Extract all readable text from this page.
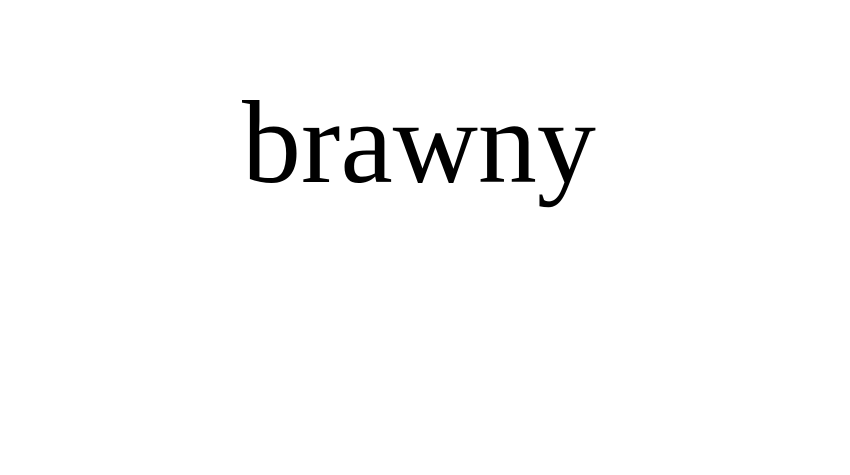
brawny
